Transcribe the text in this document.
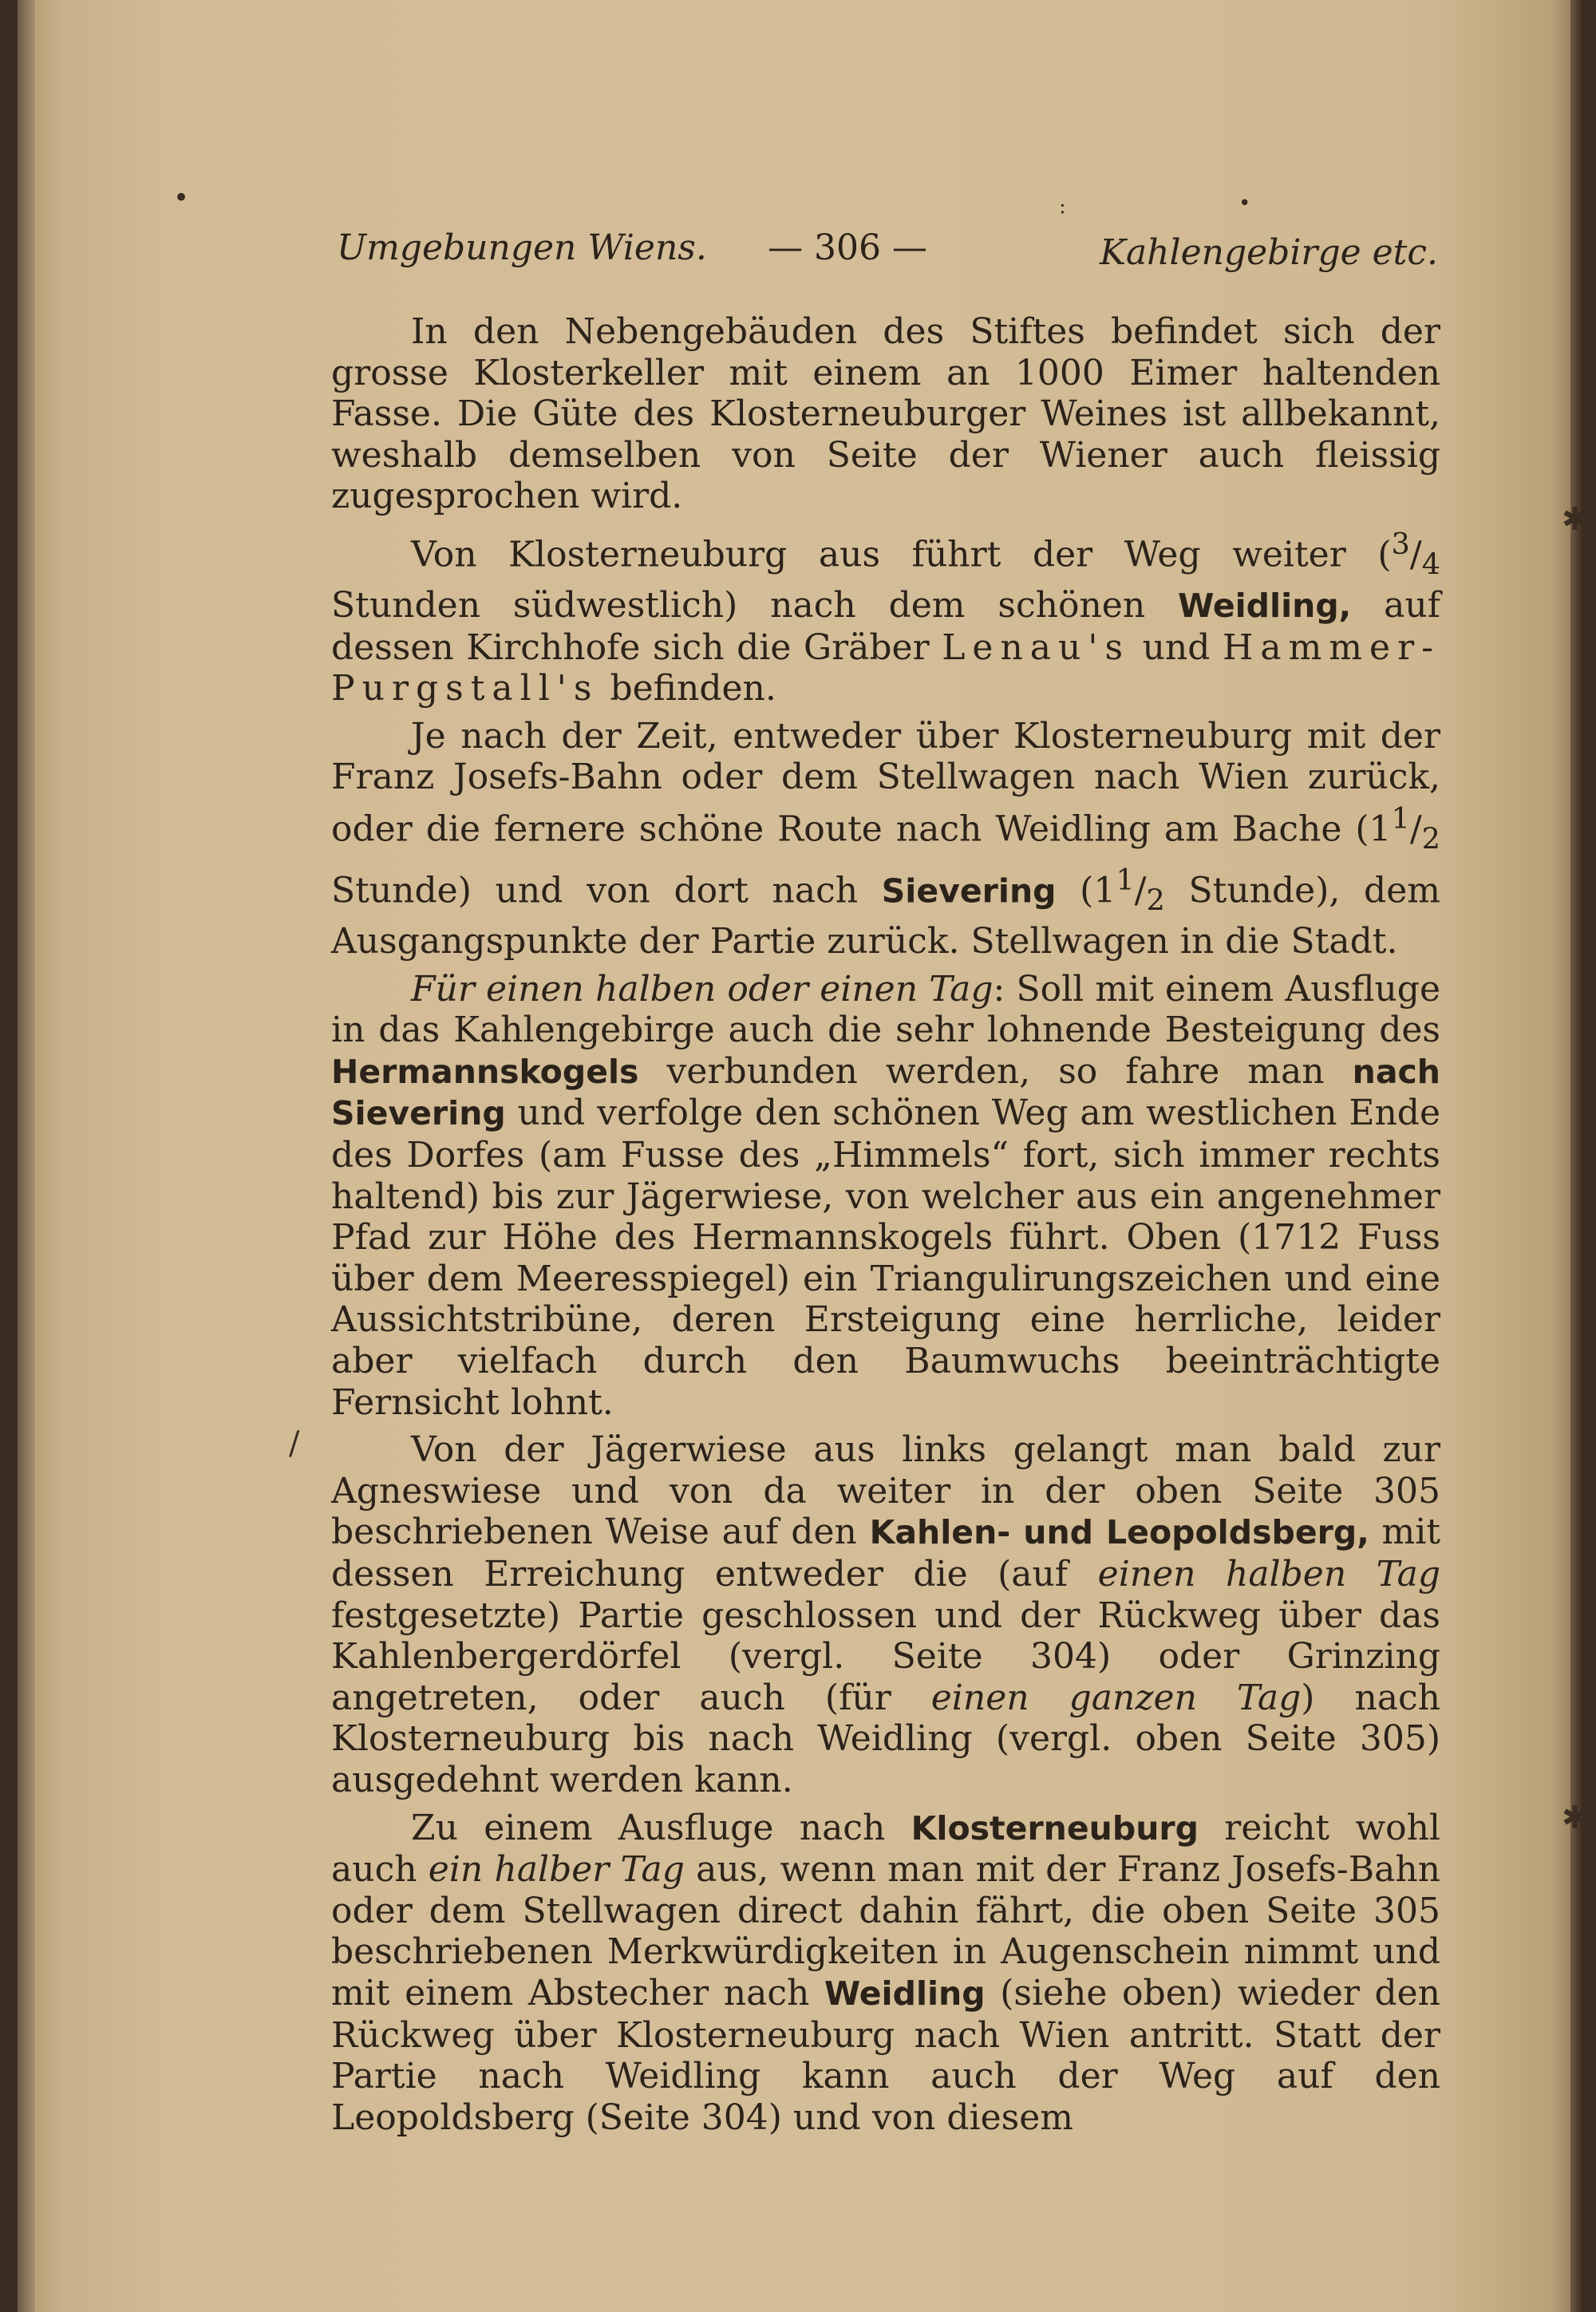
•	•
:
✱
✱
/
Umgebungen Wiens. — 306 —	Kahlengebirge etc.

In den Nebengebäuden des Stiftes befindet sich der grosse Klosterkeller mit einem an 1000 Eimer haltenden Fasse. Die Güte des Klosterneuburger Weines ist allbekannt, weshalb demselben von Seite der Wiener auch fleissig zugesprochen wird.

Von Klosterneuburg aus führt der Weg weiter ($^3/_4$ Stunden südwestlich) nach dem schönen Weidling, auf dessen Kirchhofe sich die Gräber Lenau's und Hammer-Purgstall's befinden.

Je nach der Zeit, entweder über Klosterneuburg mit der Franz Josefs-Bahn oder dem Stellwagen nach Wien zurück, oder die fernere schöne Route nach Weidling am Bache ($1^1/_2$ Stunde) und von dort nach Sievering ($1^1/_2$ Stunde), dem Ausgangspunkte der Partie zurück. Stellwagen in die Stadt.

Für einen halben oder einen Tag: Soll mit einem Ausfluge in das Kahlengebirge auch die sehr lohnende Besteigung des Hermannskogels verbunden werden, so fahre man nach Sievering und verfolge den schönen Weg am westlichen Ende des Dorfes (am Fusse des „Himmels“ fort, sich immer rechts haltend) bis zur Jägerwiese, von welcher aus ein angenehmer Pfad zur Höhe des Hermannskogels führt. Oben (1712 Fuss über dem Meeresspiegel) ein Triangulirungszeichen und eine Aussichtstribüne, deren Ersteigung eine herrliche, leider aber vielfach durch den Baumwuchs beeinträchtigte Fernsicht lohnt.

Von der Jägerwiese aus links gelangt man bald zur Agneswiese und von da weiter in der oben Seite 305 beschriebenen Weise auf den Kahlen- und Leopoldsberg, mit dessen Erreichung entweder die (auf einen halben Tag festgesetzte) Partie geschlossen und der Rückweg über das Kahlenbergerdörfel (vergl. Seite 304) oder Grinzing angetreten, oder auch (für einen ganzen Tag) nach Klosterneuburg bis nach Weidling (vergl. oben Seite 305) ausgedehnt werden kann.

Zu einem Ausfluge nach Klosterneuburg reicht wohl auch ein halber Tag aus, wenn man mit der Franz Josefs-Bahn oder dem Stellwagen direct dahin fährt, die oben Seite 305 beschriebenen Merkwürdigkeiten in Augenschein nimmt und mit einem Abstecher nach Weidling (siehe oben) wieder den Rückweg über Klosterneuburg nach Wien antritt. Statt der Partie nach Weidling kann auch der Weg auf den Leopoldsberg (Seite 304) und von diesem
